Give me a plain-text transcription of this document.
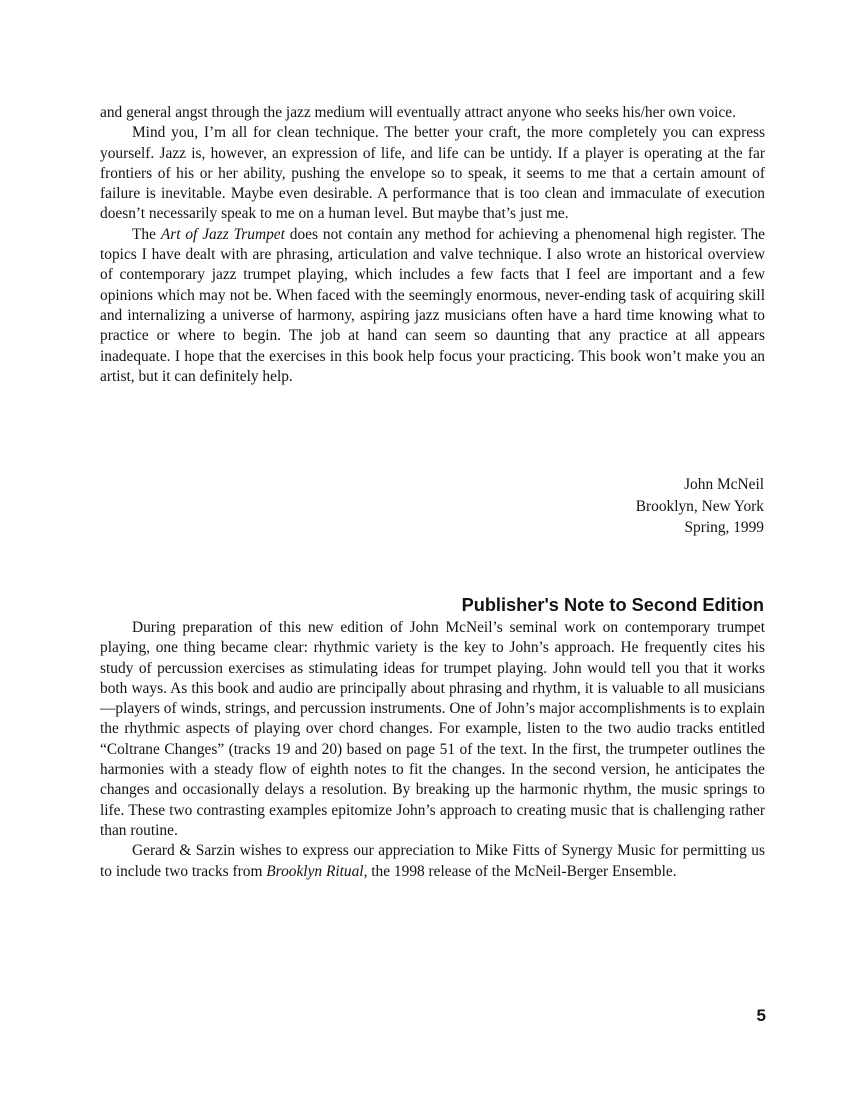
and general angst through the jazz medium will eventually attract anyone who seeks his/her own voice.

Mind you, I’m all for clean technique. The better your craft, the more completely you can express yourself. Jazz is, however, an expression of life, and life can be untidy. If a player is operating at the far frontiers of his or her ability, pushing the envelope so to speak, it seems to me that a certain amount of failure is inevitable. Maybe even desirable. A performance that is too clean and immaculate of execution doesn’t necessarily speak to me on a human level. But maybe that’s just me.

The Art of Jazz Trumpet does not contain any method for achieving a phenomenal high register. The topics I have dealt with are phrasing, articulation and valve technique. I also wrote an historical overview of contemporary jazz trumpet playing, which includes a few facts that I feel are important and a few opinions which may not be. When faced with the seemingly enormous, never-ending task of acquiring skill and internalizing a universe of harmony, aspiring jazz musicians often have a hard time knowing what to practice or where to begin. The job at hand can seem so daunting that any practice at all appears inadequate. I hope that the exercises in this book help focus your practicing. This book won’t make you an artist, but it can definitely help.

John McNeil
Brooklyn, New York
Spring, 1999
Publisher's Note to Second Edition

During preparation of this new edition of John McNeil’s seminal work on contemporary trumpet playing, one thing became clear: rhythmic variety is the key to John’s approach. He frequently cites his study of percussion exercises as stimulating ideas for trumpet playing. John would tell you that it works both ways. As this book and audio are principally about phrasing and rhythm, it is valuable to all musicians—players of winds, strings, and percussion instruments. One of John’s major accomplishments is to explain the rhythmic aspects of playing over chord changes. For example, listen to the two audio tracks entitled “Coltrane Changes” (tracks 19 and 20) based on page 51 of the text. In the first, the trumpeter outlines the harmonies with a steady flow of eighth notes to fit the changes. In the second version, he anticipates the changes and occasionally delays a resolution. By breaking up the harmonic rhythm, the music springs to life. These two contrasting examples epitomize John’s approach to creating music that is challenging rather than routine.

Gerard & Sarzin wishes to express our appreciation to Mike Fitts of Synergy Music for permitting us to include two tracks from Brooklyn Ritual, the 1998 release of the McNeil-Berger Ensemble.

5
